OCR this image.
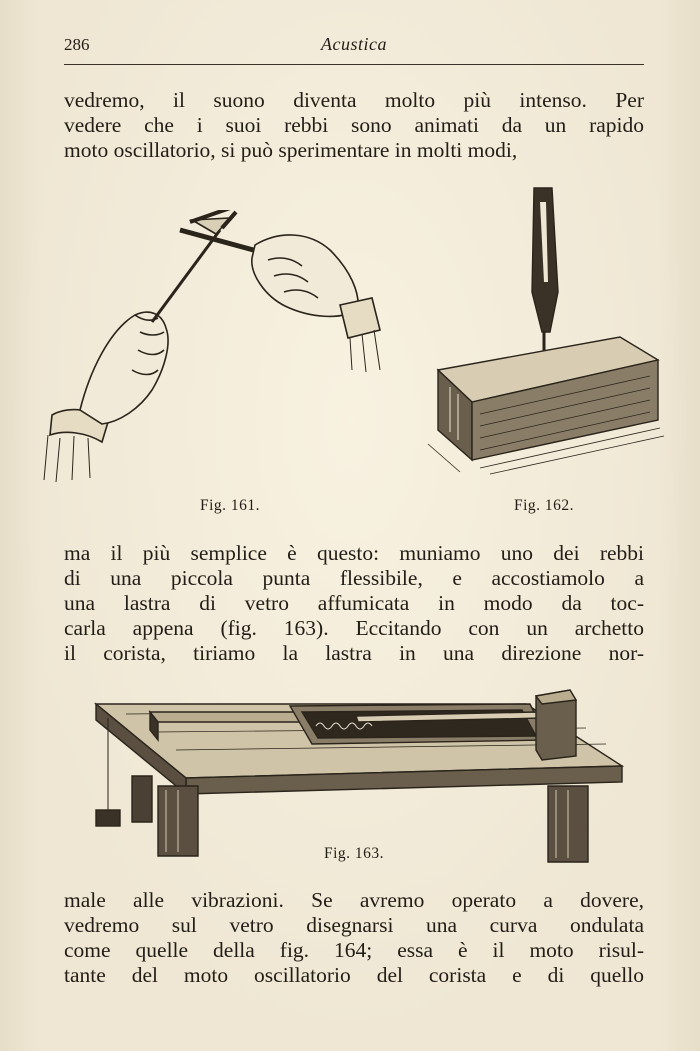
286	Acustica
vedremo, il suono diventa molto più intenso. Per
vedere che i suoi rebbi sono animati da un rapido
moto oscillatorio, si può sperimentare in molti modi,
Fig. 161.	Fig. 162.
ma il più semplice è questo: muniamo uno dei rebbi
di una piccola punta flessibile, e accostiamolo a
una lastra di vetro affumicata in modo da toc-
carla appena (fig. 163). Eccitando con un archetto
il corista, tiriamo la lastra in una direzione nor-
Fig. 163.
male alle vibrazioni. Se avremo operato a dovere,
vedremo sul vetro disegnarsi una curva ondulata
come quelle della fig. 164; essa è il moto risul-
tante del moto oscillatorio del corista e di quello
